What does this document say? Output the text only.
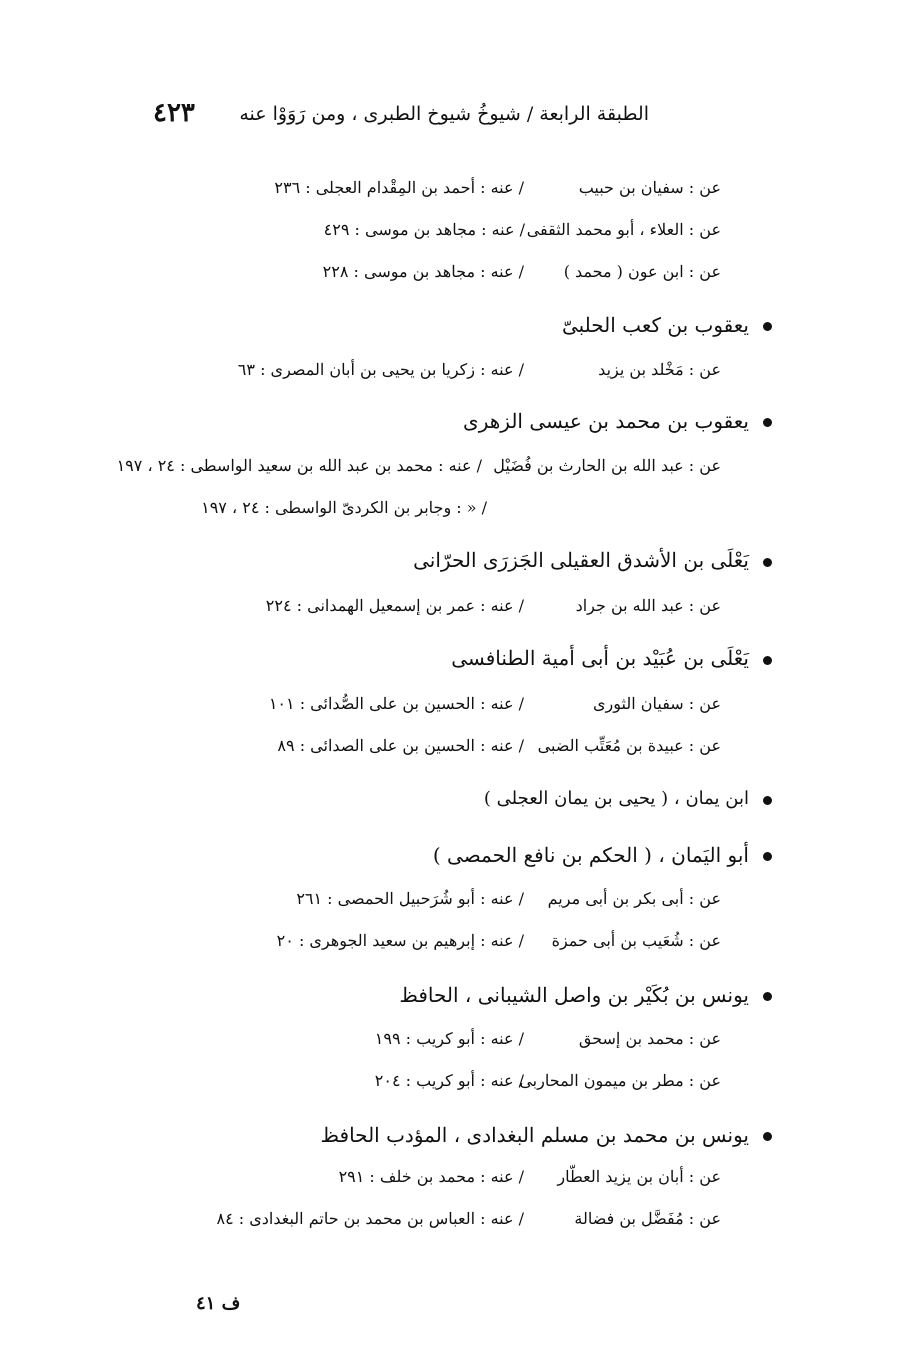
الطبقة الرابعة / شيوخُ شيوخ الطبرى ، ومن رَوَوْا عنه
٤٢٣
عن : سفيان بن حبيب
/ عنه : أحمد بن المِقْدام العجلى : ٢٣٦
عن : العلاء ، أبو محمد الثقفى
/ عنه : مجاهد بن موسى : ٤٢٩
عن : ابن عون ( محمد )
/ عنه : مجاهد بن موسى : ٢٢٨
يعقوب بن كعب الحلبىّ
عن : مَخْلد بن يزيد
/ عنه : زكريا بن يحيى بن أبان المصرى : ٦٣
يعقوب بن محمد بن عيسى الزهرى
عن : عبد الله بن الحارث بن فُضَيْل
/ عنه : محمد بن عبد الله بن سعيد الواسطى : ٢٤ ، ١٩٧
/ « : وجابر بن الكردىّ الواسطى : ٢٤ ، ١٩٧
يَعْلَى بن الأشدق العقيلى الجَزرَى الحرّانى
عن : عبد الله بن جراد
/ عنه : عمر بن إسمعيل الهمدانى : ٢٢٤
يَعْلَى بن عُبَيْد بن أبى أمية الطنافسى
عن : سفيان الثورى
/ عنه : الحسين بن على الصُّدائى : ١٠١
عن : عبيدة بن مُعَتِّب الضبى
/ عنه : الحسين بن على الصدائى : ٨٩
ابن يمان ، ( يحيى بن يمان العجلى )
أبو اليَمان ، ( الحكم بن نافع الحمصى )
عن : أبى بكر بن أبى مريم
/ عنه : أبو شُرَحبيل الحمصى : ٢٦١
عن : شُعَيب بن أبى حمزة
/ عنه : إبرهيم بن سعيد الجوهرى : ٢٠
يونس بن بُكَيْر بن واصل الشيبانى ، الحافظ
عن : محمد بن إسحق
/ عنه : أبو كريب : ١٩٩
عن : مطر بن ميمون المحاربى
/ عنه : أبو كريب : ٢٠٤
يونس بن محمد بن مسلم البغدادى ، المؤدب الحافظ
عن : أبان بن يزيد العطّار
/ عنه : محمد بن خلف : ٢٩١
عن : مُفَضَّل بن فضالة
/ عنه : العباس بن محمد بن حاتم البغدادى : ٨٤
ف ٤١
